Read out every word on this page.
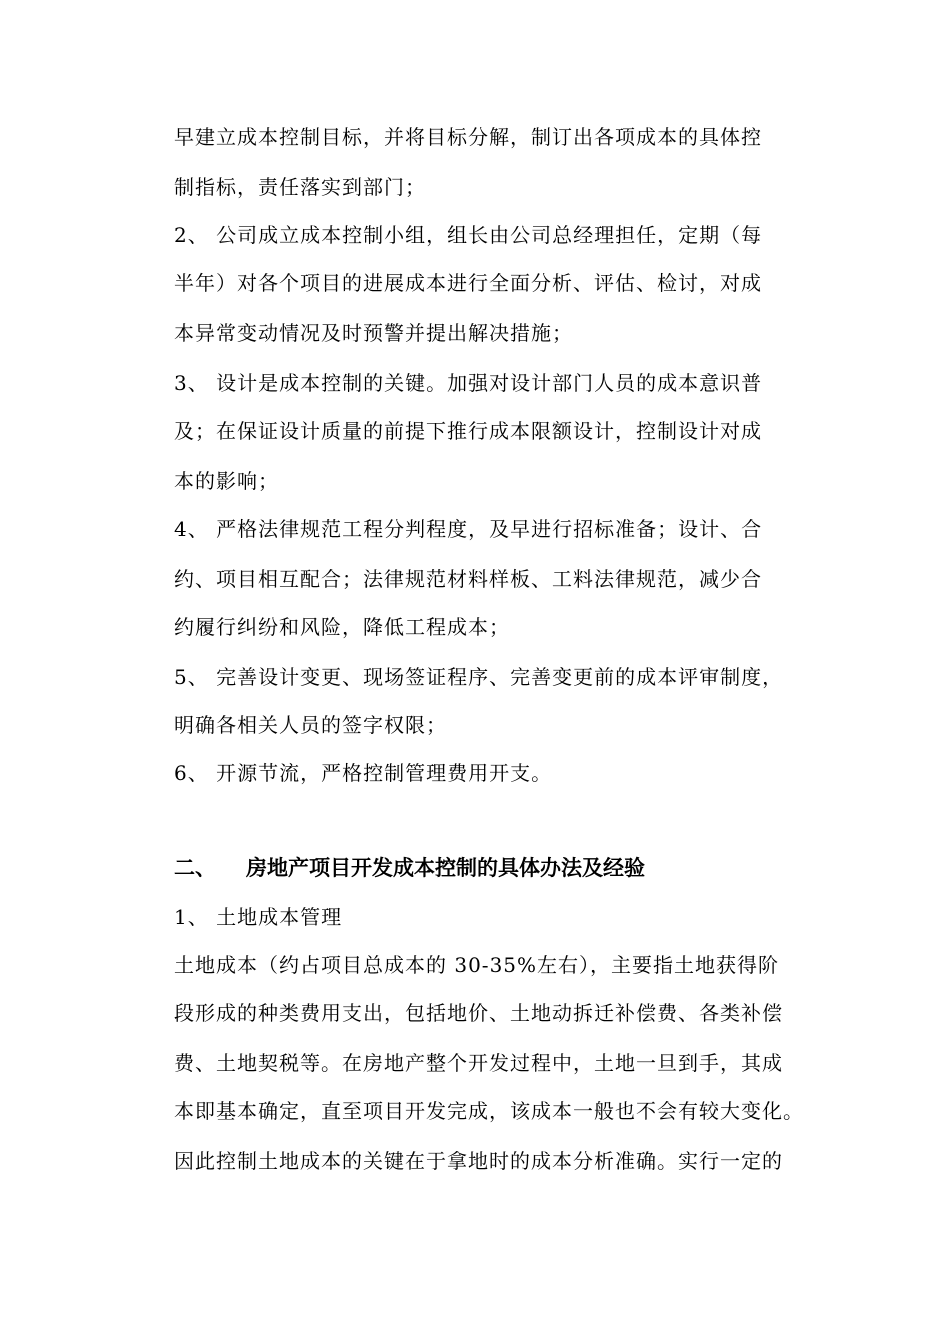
早建立成本控制目标，并将目标分解，制订出各项成本的具体控
制指标，责任落实到部门；
2、 公司成立成本控制小组，组长由公司总经理担任，定期（每
半年）对各个项目的进展成本进行全面分析、评估、检讨，对成
本异常变动情况及时预警并提出解决措施；
3、 设计是成本控制的关键。加强对设计部门人员的成本意识普
及；在保证设计质量的前提下推行成本限额设计，控制设计对成
本的影响；
4、 严格法律规范工程分判程度，及早进行招标准备；设计、合
约、项目相互配合；法律规范材料样板、工料法律规范，减少合
约履行纠纷和风险，降低工程成本；
5、 完善设计变更、现场签证程序、完善变更前的成本评审制度，
明确各相关人员的签字权限；
6、 开源节流，严格控制管理费用开支。
二、 房地产项目开发成本控制的具体办法及经验
1、 土地成本管理
土地成本（约占项目总成本的 30-35%左右），主要指土地获得阶
段形成的种类费用支出，包括地价、土地动拆迁补偿费、各类补偿
费、土地契税等。在房地产整个开发过程中，土地一旦到手，其成
本即基本确定，直至项目开发完成，该成本一般也不会有较大变化。
因此控制土地成本的关键在于拿地时的成本分析准确。实行一定的
